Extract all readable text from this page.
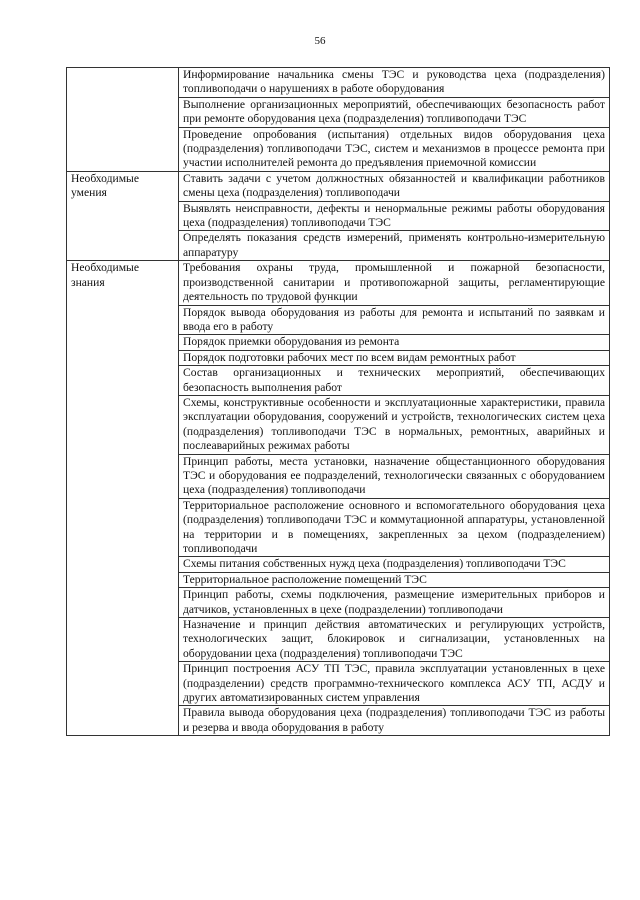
56
	Информирование начальника смены ТЭС и руководства цеха (подразделения) топливоподачи о нарушениях в работе оборудования
	Выполнение организационных мероприятий, обеспечивающих безопасность работ при ремонте оборудования цеха (подразделения) топливоподачи ТЭС
	Проведение опробования (испытания) отдельных видов оборудования цеха (подразделения) топливоподачи ТЭС, систем и механизмов в процессе ремонта при участии исполнителей ремонта до предъявления приемочной комиссии
Необходимые умения	Ставить задачи с учетом должностных обязанностей и квалификации работников смены цеха (подразделения) топливоподачи
	Выявлять неисправности, дефекты и ненормальные режимы работы оборудования цеха (подразделения) топливоподачи ТЭС
	Определять показания средств измерений, применять контрольно-измерительную аппаратуру
Необходимые знания	Требования охраны труда, промышленной и пожарной безопасности, производственной санитарии и противопожарной защиты, регламентирующие деятельность по трудовой функции
	Порядок вывода оборудования из работы для ремонта и испытаний по заявкам и ввода его в работу
	Порядок приемки оборудования из ремонта
	Порядок подготовки рабочих мест по всем видам ремонтных работ
	Состав организационных и технических мероприятий, обеспечивающих безопасность выполнения работ
	Схемы, конструктивные особенности и эксплуатационные характеристики, правила эксплуатации оборудования, сооружений и устройств, технологических систем цеха (подразделения) топливоподачи ТЭС в нормальных, ремонтных, аварийных и послеаварийных режимах работы
	Принцип работы, места установки, назначение общестанционного оборудования ТЭС и оборудования ее подразделений, технологически связанных с оборудованием цеха (подразделения) топливоподачи
	Территориальное расположение основного и вспомогательного оборудования цеха (подразделения) топливоподачи ТЭС и коммутационной аппаратуры, установленной на территории и в помещениях, закрепленных за цехом (подразделением) топливоподачи
	Схемы питания собственных нужд цеха (подразделения) топливоподачи ТЭС
	Территориальное расположение помещений ТЭС
	Принцип работы, схемы подключения, размещение измерительных приборов и датчиков, установленных в цехе (подразделении) топливоподачи
	Назначение и принцип действия автоматических и регулирующих устройств, технологических защит, блокировок и сигнализации, установленных на оборудовании цеха (подразделения) топливоподачи ТЭС
	Принцип построения АСУ ТП ТЭС, правила эксплуатации установленных в цехе (подразделении) средств программно-технического комплекса АСУ ТП, АСДУ и других автоматизированных систем управления
	Правила вывода оборудования цеха (подразделения) топливоподачи ТЭС из работы и резерва и ввода оборудования в работу
